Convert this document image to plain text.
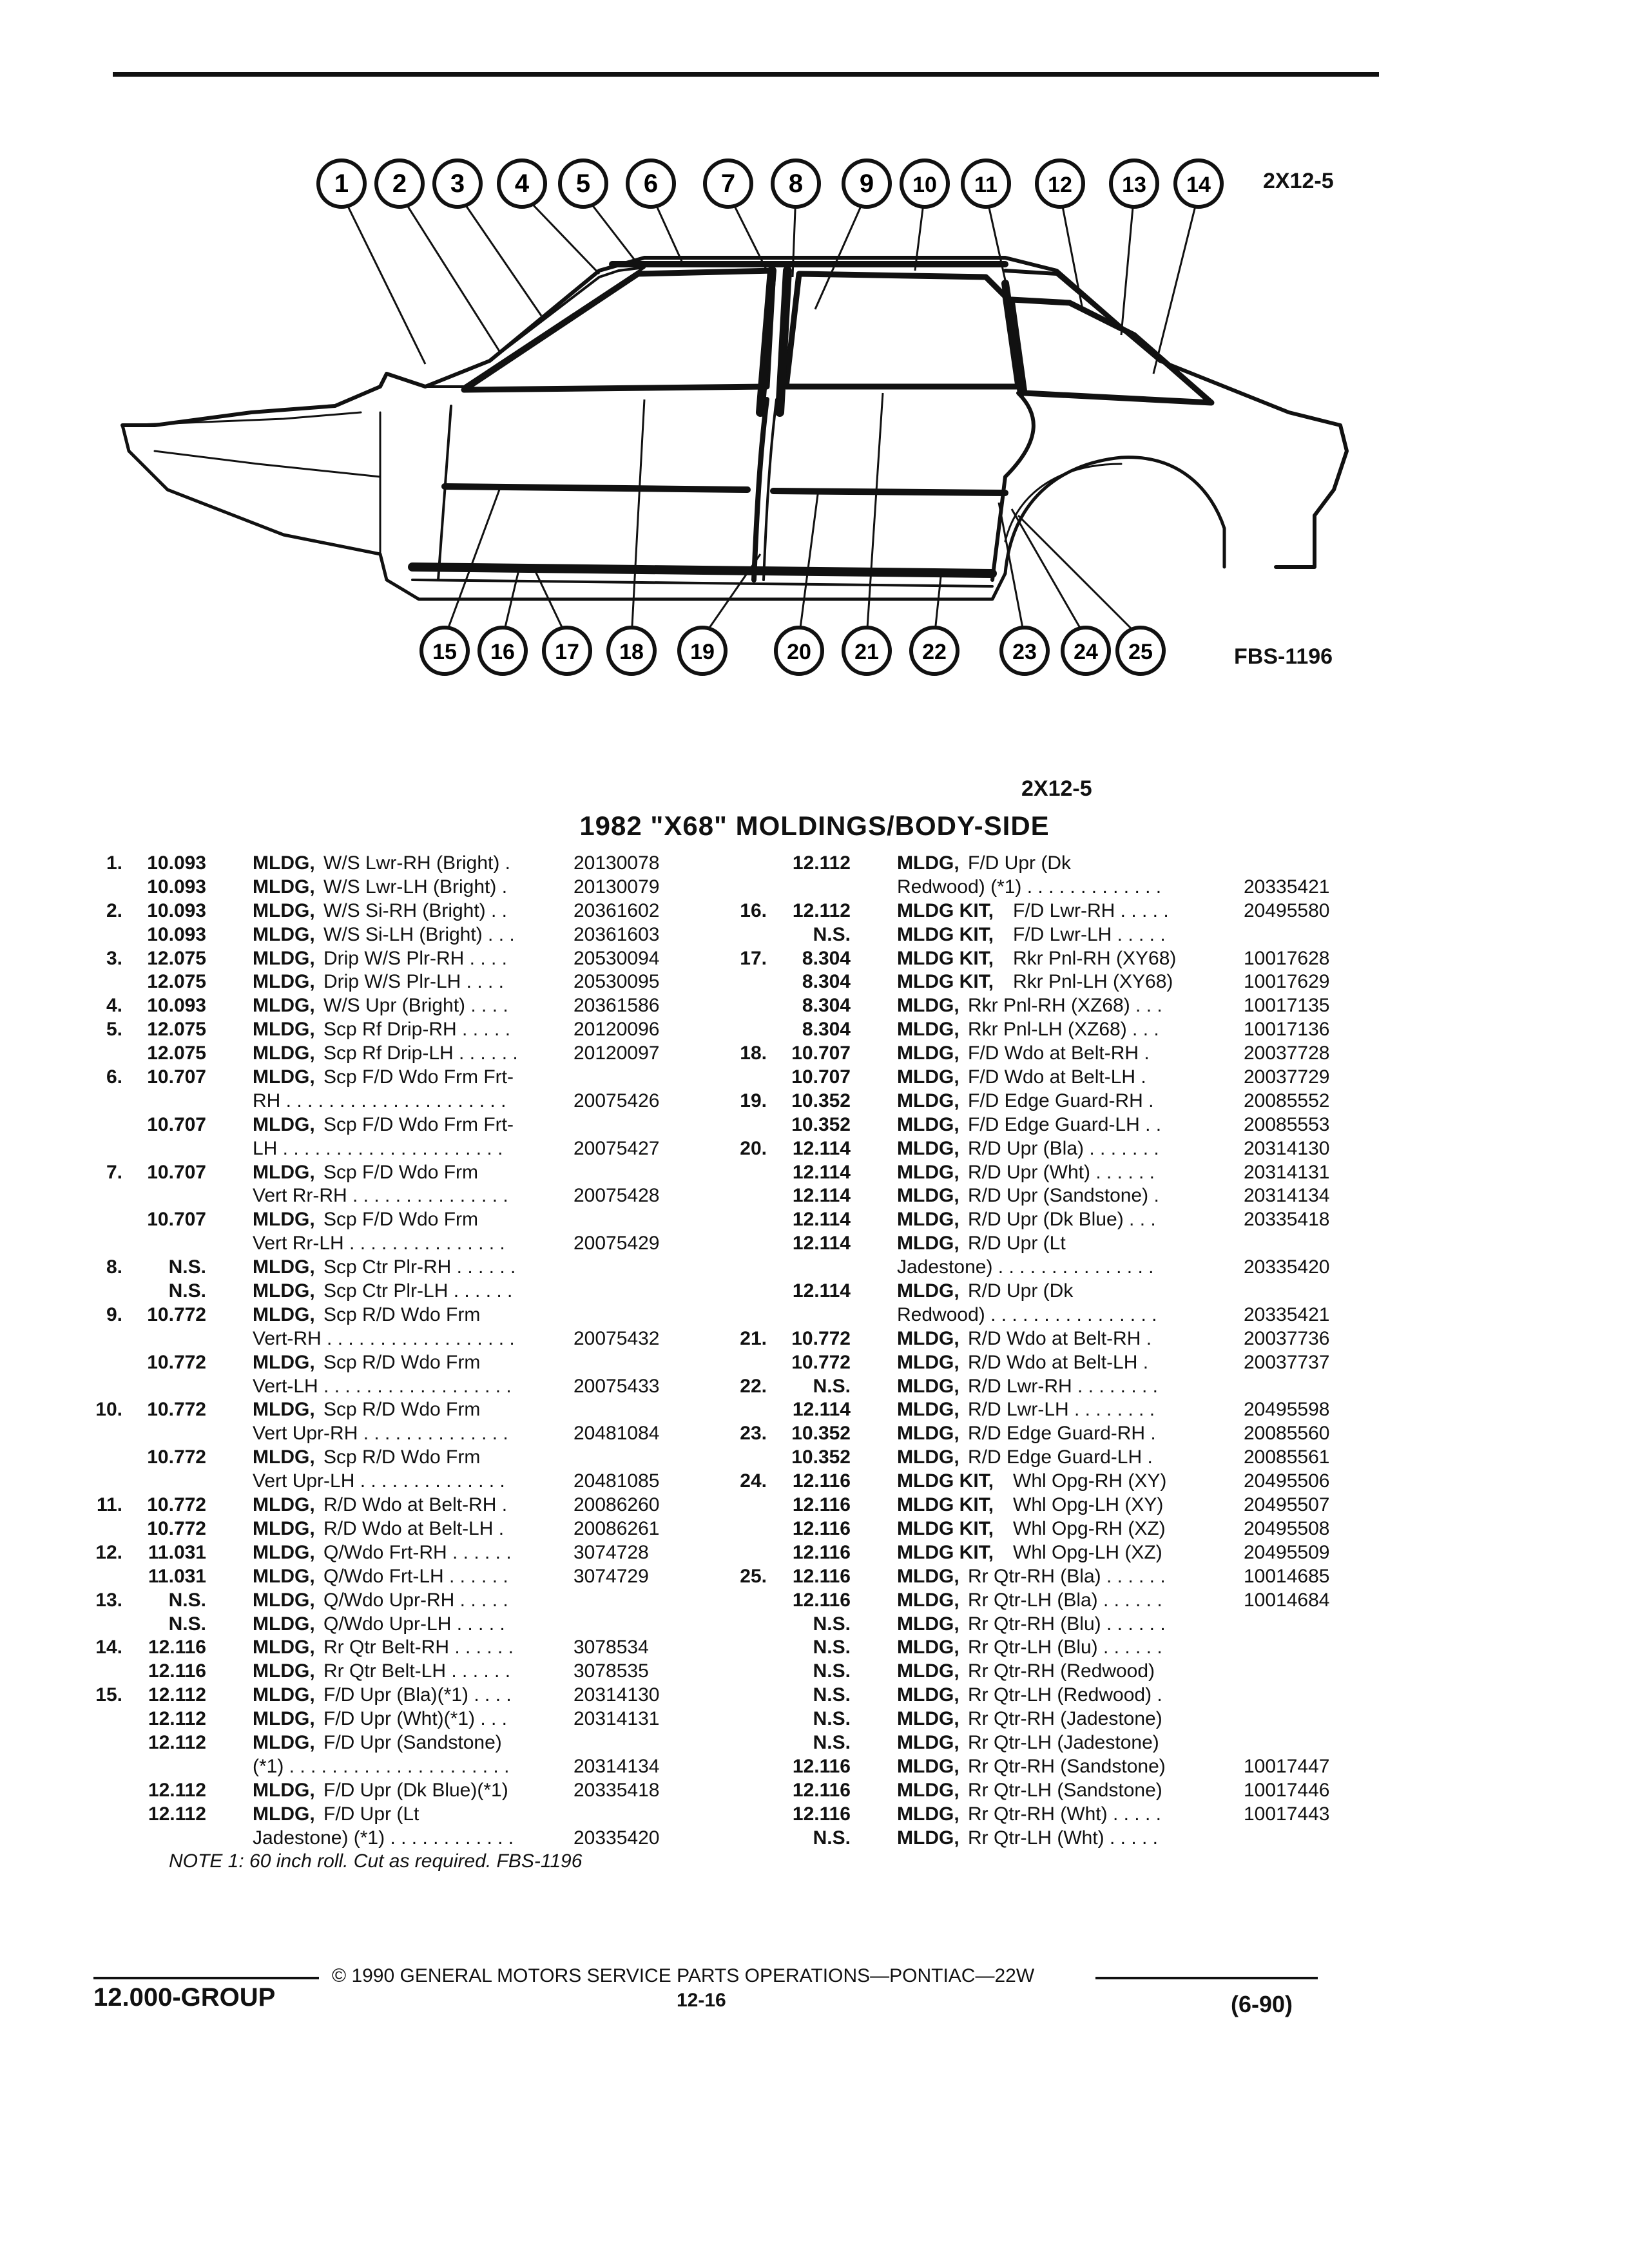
1 2 3 4 5 6 7 8 9 10 11 12 13 14
15 16 17 18 19	20 21 22	23 24 25
2X12-5
FBS-1196
2X12-5
1982 "X68" MOLDINGS/BODY-SIDE
1.	10.093 MLDG, W/S Lwr-RH (Bright) .	20130078
10.093 MLDG, W/S Lwr-LH (Bright) .	20130079
2.	10.093 MLDG, W/S Si-RH (Bright) . .	20361602
10.093 MLDG, W/S Si-LH (Bright) . . .	20361603
3.	12.075 MLDG, Drip W/S Plr-RH . . . .	20530094
12.075 MLDG, Drip W/S Plr-LH . . . .	20530095
4.	10.093 MLDG, W/S Upr (Bright) . . . .	20361586
5.	12.075 MLDG, Scp Rf Drip-RH . . . . .	20120096
12.075 MLDG, Scp Rf Drip-LH . . . . . .	20120097
6.	10.707 MLDG, Scp F/D Wdo Frm Frt-
RH . . . . . . . . . . . . . . . . . . . . .	20075426
10.707 MLDG, Scp F/D Wdo Frm Frt-
LH . . . . . . . . . . . . . . . . . . . . .	20075427
7.	10.707 MLDG, Scp F/D Wdo Frm
Vert Rr-RH . . . . . . . . . . . . . . .	20075428
10.707 MLDG, Scp F/D Wdo Frm
Vert Rr-LH . . . . . . . . . . . . . . .	20075429
8.	N.S. MLDG, Scp Ctr Plr-RH . . . . . .
N.S. MLDG, Scp Ctr Plr-LH . . . . . .
9.	10.772 MLDG, Scp R/D Wdo Frm
Vert-RH . . . . . . . . . . . . . . . . . .	20075432
10.772 MLDG, Scp R/D Wdo Frm
Vert-LH . . . . . . . . . . . . . . . . . .	20075433
10.	10.772 MLDG, Scp R/D Wdo Frm
Vert Upr-RH . . . . . . . . . . . . . .	20481084
10.772 MLDG, Scp R/D Wdo Frm
Vert Upr-LH . . . . . . . . . . . . . .	20481085
11.	10.772 MLDG, R/D Wdo at Belt-RH .	20086260
10.772 MLDG, R/D Wdo at Belt-LH .	20086261
12.	11.031 MLDG, Q/Wdo Frt-RH . . . . . .	3074728
11.031 MLDG, Q/Wdo Frt-LH . . . . . .	3074729
13.	N.S. MLDG, Q/Wdo Upr-RH . . . . .
N.S. MLDG, Q/Wdo Upr-LH . . . . .
14.	12.116 MLDG, Rr Qtr Belt-RH . . . . . .	3078534
12.116 MLDG, Rr Qtr Belt-LH . . . . . .	3078535
15.	12.112 MLDG, F/D Upr (Bla)(*1) . . . .	20314130
12.112 MLDG, F/D Upr (Wht)(*1) . . .	20314131
12.112 MLDG, F/D Upr (Sandstone)
(*1) . . . . . . . . . . . . . . . . . . . . .	20314134
12.112 MLDG, F/D Upr (Dk Blue)(*1)	20335418
12.112 MLDG, F/D Upr (Lt
Jadestone) (*1) . . . . . . . . . . . .	20335420
NOTE 1: 60 inch roll. Cut as required. FBS-1196
12.112 MLDG, F/D Upr (Dk
Redwood) (*1) . . . . . . . . . . . . .	20335421
16.	12.112 MLDG KIT, F/D Lwr-RH . . . . .	20495580
N.S. MLDG KIT, F/D Lwr-LH . . . . .
17.	8.304 MLDG KIT, Rkr Pnl-RH (XY68)	10017628
8.304 MLDG KIT, Rkr Pnl-LH (XY68)	10017629
8.304 MLDG, Rkr Pnl-RH (XZ68) . . .	10017135
8.304 MLDG, Rkr Pnl-LH (XZ68) . . .	10017136
18.	10.707 MLDG, F/D Wdo at Belt-RH .	20037728
10.707 MLDG, F/D Wdo at Belt-LH .	20037729
19.	10.352 MLDG, F/D Edge Guard-RH .	20085552
10.352 MLDG, F/D Edge Guard-LH . .	20085553
20.	12.114 MLDG, R/D Upr (Bla) . . . . . . .	20314130
12.114 MLDG, R/D Upr (Wht) . . . . . .	20314131
12.114 MLDG, R/D Upr (Sandstone) .	20314134
12.114 MLDG, R/D Upr (Dk Blue) . . .	20335418
12.114 MLDG, R/D Upr (Lt
Jadestone) . . . . . . . . . . . . . . .	20335420
12.114 MLDG, R/D Upr (Dk
Redwood) . . . . . . . . . . . . . . . .	20335421
21.	10.772 MLDG, R/D Wdo at Belt-RH .	20037736
10.772 MLDG, R/D Wdo at Belt-LH .	20037737
22.	N.S. MLDG, R/D Lwr-RH . . . . . . . .
12.114 MLDG, R/D Lwr-LH . . . . . . . .	20495598
23.	10.352 MLDG, R/D Edge Guard-RH .	20085560
10.352 MLDG, R/D Edge Guard-LH .	20085561
24.	12.116 MLDG KIT, Whl Opg-RH (XY)	20495506
12.116 MLDG KIT, Whl Opg-LH (XY)	20495507
12.116 MLDG KIT, Whl Opg-RH (XZ)	20495508
12.116 MLDG KIT, Whl Opg-LH (XZ)	20495509
25.	12.116 MLDG, Rr Qtr-RH (Bla) . . . . . .	10014685
12.116 MLDG, Rr Qtr-LH (Bla) . . . . . .	10014684
N.S. MLDG, Rr Qtr-RH (Blu) . . . . . .
N.S. MLDG, Rr Qtr-LH (Blu) . . . . . .
N.S. MLDG, Rr Qtr-RH (Redwood)
N.S. MLDG, Rr Qtr-LH (Redwood) .
N.S. MLDG, Rr Qtr-RH (Jadestone)
N.S. MLDG, Rr Qtr-LH (Jadestone)
12.116 MLDG, Rr Qtr-RH (Sandstone)	10017447
12.116 MLDG, Rr Qtr-LH (Sandstone)	10017446
12.116 MLDG, Rr Qtr-RH (Wht) . . . . .	10017443
N.S. MLDG, Rr Qtr-LH (Wht) . . . . .
12.000-GROUP
© 1990 GENERAL MOTORS SERVICE PARTS OPERATIONS—PONTIAC—22W
12-16	(6-90)
